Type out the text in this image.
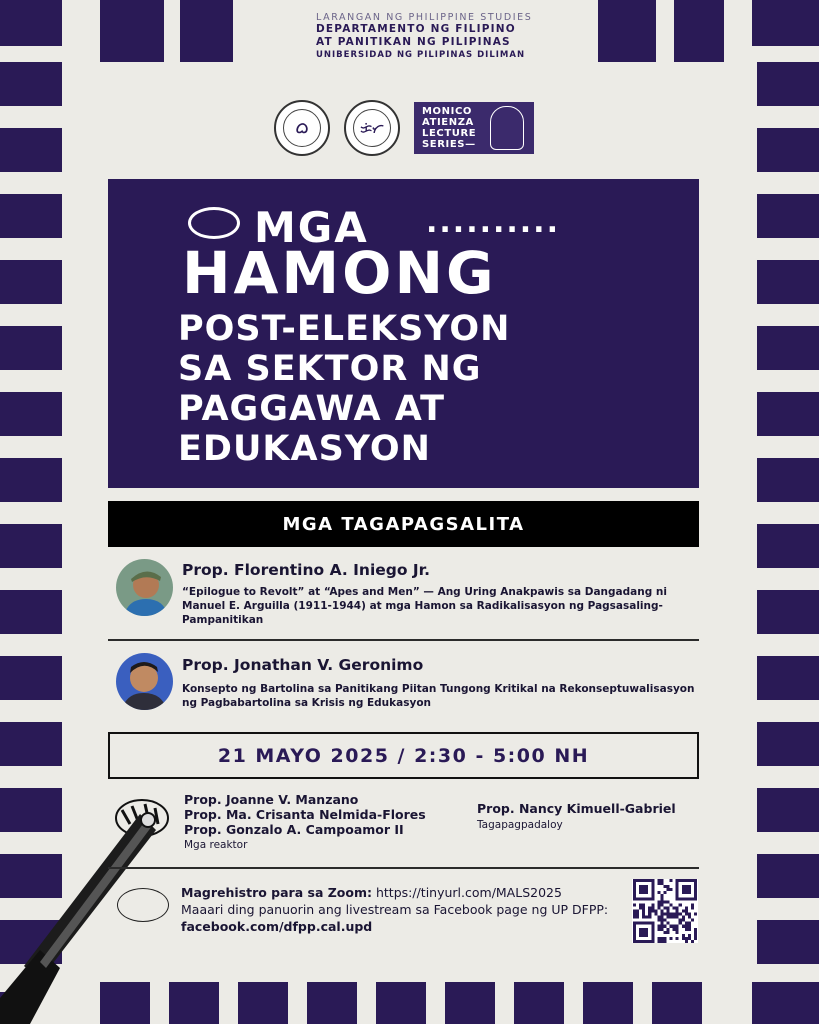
LARANGAN NG PHILIPPINE STUDIES
DEPARTAMENTO NG FILIPINO
AT PANITIKAN NG PILIPINAS
UNIBERSIDAD NG PILIPINAS DILIMAN
ᜊ	ᜃᜒᜆ
MONICO
ATIENZA
LECTURE
SERIES—
MGA ..........
HAMONG
POST-ELEKSYON
SA SEKTOR NG
PAGGAWA AT
EDUKASYON
MGA TAGAPAGSALITA
Prop. Florentino A. Iniego Jr.
“Epilogue to Revolt” at “Apes and Men” — Ang Uring Anakpawis sa Dangadang ni Manuel E. Arguilla (1911-1944) at mga Hamon sa Radikalisasyon ng Pagsasaling-Pampanitikan
Prop. Jonathan V. Geronimo
Konsepto ng Bartolina sa Panitikang Piitan Tungong Kritikal na Rekonseptuwalisasyon ng Pagbabartolina sa Krisis ng Edukasyon
21 MAYO 2025 / 2:30 - 5:00 NH
Prop. Joanne V. Manzano
Prop. Ma. Crisanta Nelmida-Flores
Prop. Gonzalo A. Campoamor II
Mga reaktor
Prop. Nancy Kimuell-Gabriel
Tagapagpadaloy
Magrehistro para sa Zoom: https://tinyurl.com/MALS2025
Maaari ding panuorin ang livestream sa Facebook page ng UP DFPP:
facebook.com/dfpp.cal.upd
